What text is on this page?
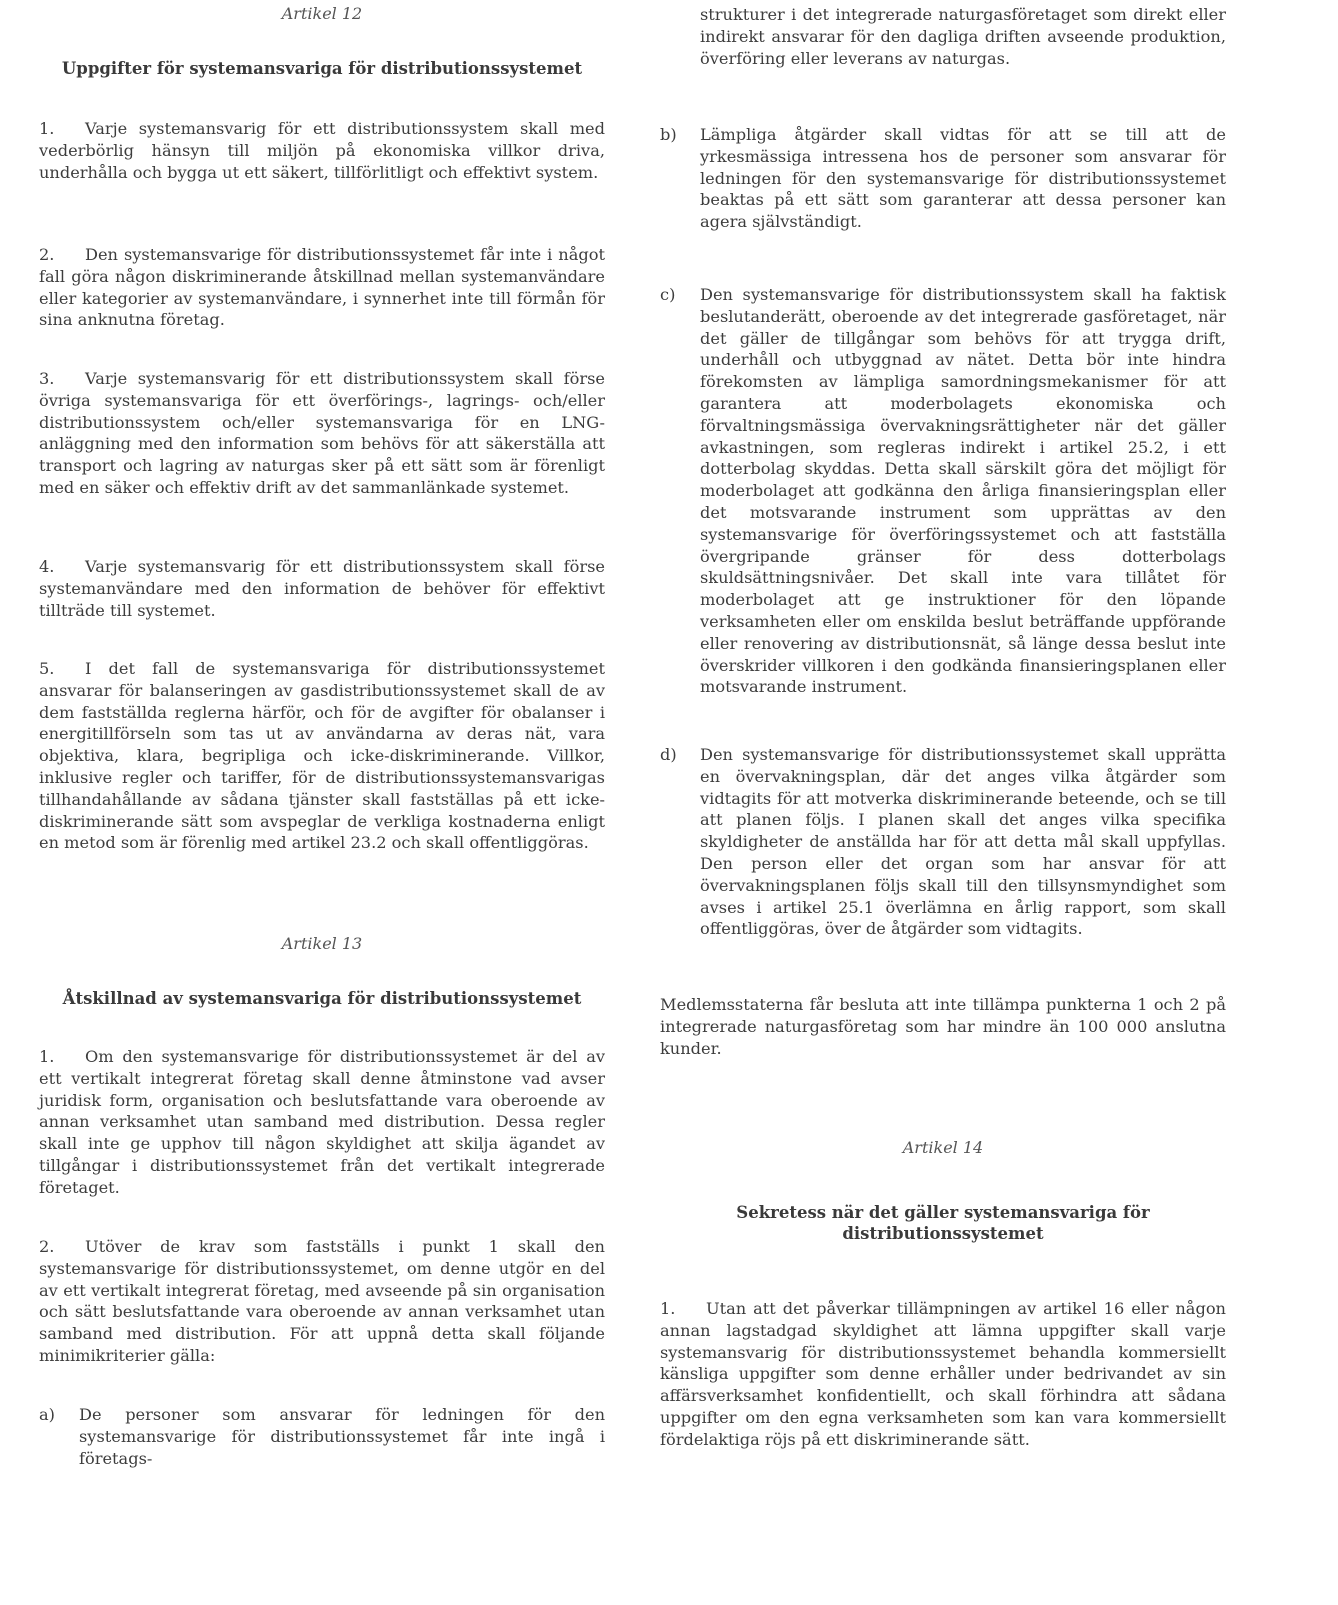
Artikel 12

Uppgifter för systemansvariga för distributionssystemet

1. Varje systemansvarig för ett distributionssystem skall med vederbörlig hänsyn till miljön på ekonomiska villkor driva, underhålla och bygga ut ett säkert, tillförlitligt och effektivt system.

2. Den systemansvarige för distributionssystemet får inte i något fall göra någon diskriminerande åtskillnad mellan systemanvändare eller kategorier av systemanvändare, i synnerhet inte till förmån för sina anknutna företag.

3. Varje systemansvarig för ett distributionssystem skall förse övriga systemansvariga för ett överförings-, lagrings- och/eller distributionssystem och/eller systemansvariga för en LNG-anläggning med den information som behövs för att säkerställa att transport och lagring av naturgas sker på ett sätt som är förenligt med en säker och effektiv drift av det sammanlänkade systemet.

4. Varje systemansvarig för ett distributionssystem skall förse systemanvändare med den information de behöver för effektivt tillträde till systemet.

5. I det fall de systemansvariga för distributionssystemet ansvarar för balanseringen av gasdistributionssystemet skall de av dem fastställda reglerna härför, och för de avgifter för obalanser i energitillförseln som tas ut av användarna av deras nät, vara objektiva, klara, begripliga och icke-diskriminerande. Villkor, inklusive regler och tariffer, för de distributionssystemansvarigas tillhandahållande av sådana tjänster skall fastställas på ett icke-diskriminerande sätt som avspeglar de verkliga kostnaderna enligt en metod som är förenlig med artikel 23.2 och skall offentliggöras.

Artikel 13

Åtskillnad av systemansvariga för distributionssystemet

1. Om den systemansvarige för distributionssystemet är del av ett vertikalt integrerat företag skall denne åtminstone vad avser juridisk form, organisation och beslutsfattande vara oberoende av annan verksamhet utan samband med distribution. Dessa regler skall inte ge upphov till någon skyldighet att skilja ägandet av tillgångar i distributionssystemet från det vertikalt integrerade företaget.

2. Utöver de krav som fastställs i punkt 1 skall den systemansvarige för distributionssystemet, om denne utgör en del av ett vertikalt integrerat företag, med avseende på sin organisation och sätt beslutsfattande vara oberoende av annan verksamhet utan samband med distribution. För att uppnå detta skall följande minimikriterier gälla:

a) De personer som ansvarar för ledningen för den systemansvarige för distributionssystemet får inte ingå i företags-

strukturer i det integrerade naturgasföretaget som direkt eller indirekt ansvarar för den dagliga driften avseende produktion, överföring eller leverans av naturgas.

b) Lämpliga åtgärder skall vidtas för att se till att de yrkesmässiga intressena hos de personer som ansvarar för ledningen för den systemansvarige för distributionssystemet beaktas på ett sätt som garanterar att dessa personer kan agera självständigt.

c) Den systemansvarige för distributionssystem skall ha faktisk beslutanderätt, oberoende av det integrerade gasföretaget, när det gäller de tillgångar som behövs för att trygga drift, underhåll och utbyggnad av nätet. Detta bör inte hindra förekomsten av lämpliga samordningsmekanismer för att garantera att moderbolagets ekonomiska och förvaltningsmässiga övervakningsrättigheter när det gäller avkastningen, som regleras indirekt i artikel 25.2, i ett dotterbolag skyddas. Detta skall särskilt göra det möjligt för moderbolaget att godkänna den årliga finansieringsplan eller det motsvarande instrument som upprättas av den systemansvarige för överföringssystemet och att fastställa övergripande gränser för dess dotterbolags skuldsättningsnivåer. Det skall inte vara tillåtet för moderbolaget att ge instruktioner för den löpande verksamheten eller om enskilda beslut beträffande uppförande eller renovering av distributionsnät, så länge dessa beslut inte överskrider villkoren i den godkända finansieringsplanen eller motsvarande instrument.

d) Den systemansvarige för distributionssystemet skall upprätta en övervakningsplan, där det anges vilka åtgärder som vidtagits för att motverka diskriminerande beteende, och se till att planen följs. I planen skall det anges vilka specifika skyldigheter de anställda har för att detta mål skall uppfyllas. Den person eller det organ som har ansvar för att övervakningsplanen följs skall till den tillsynsmyndighet som avses i artikel 25.1 överlämna en årlig rapport, som skall offentliggöras, över de åtgärder som vidtagits.

Medlemsstaterna får besluta att inte tillämpa punkterna 1 och 2 på integrerade naturgasföretag som har mindre än 100 000 anslutna kunder.

Artikel 14

Sekretess när det gäller systemansvariga för distributionssystemet

1. Utan att det påverkar tillämpningen av artikel 16 eller någon annan lagstadgad skyldighet att lämna uppgifter skall varje systemansvarig för distributionssystemet behandla kommersiellt känsliga uppgifter som denne erhåller under bedrivandet av sin affärsverksamhet konfidentiellt, och skall förhindra att sådana uppgifter om den egna verksamheten som kan vara kommersiellt fördelaktiga röjs på ett diskriminerande sätt.
